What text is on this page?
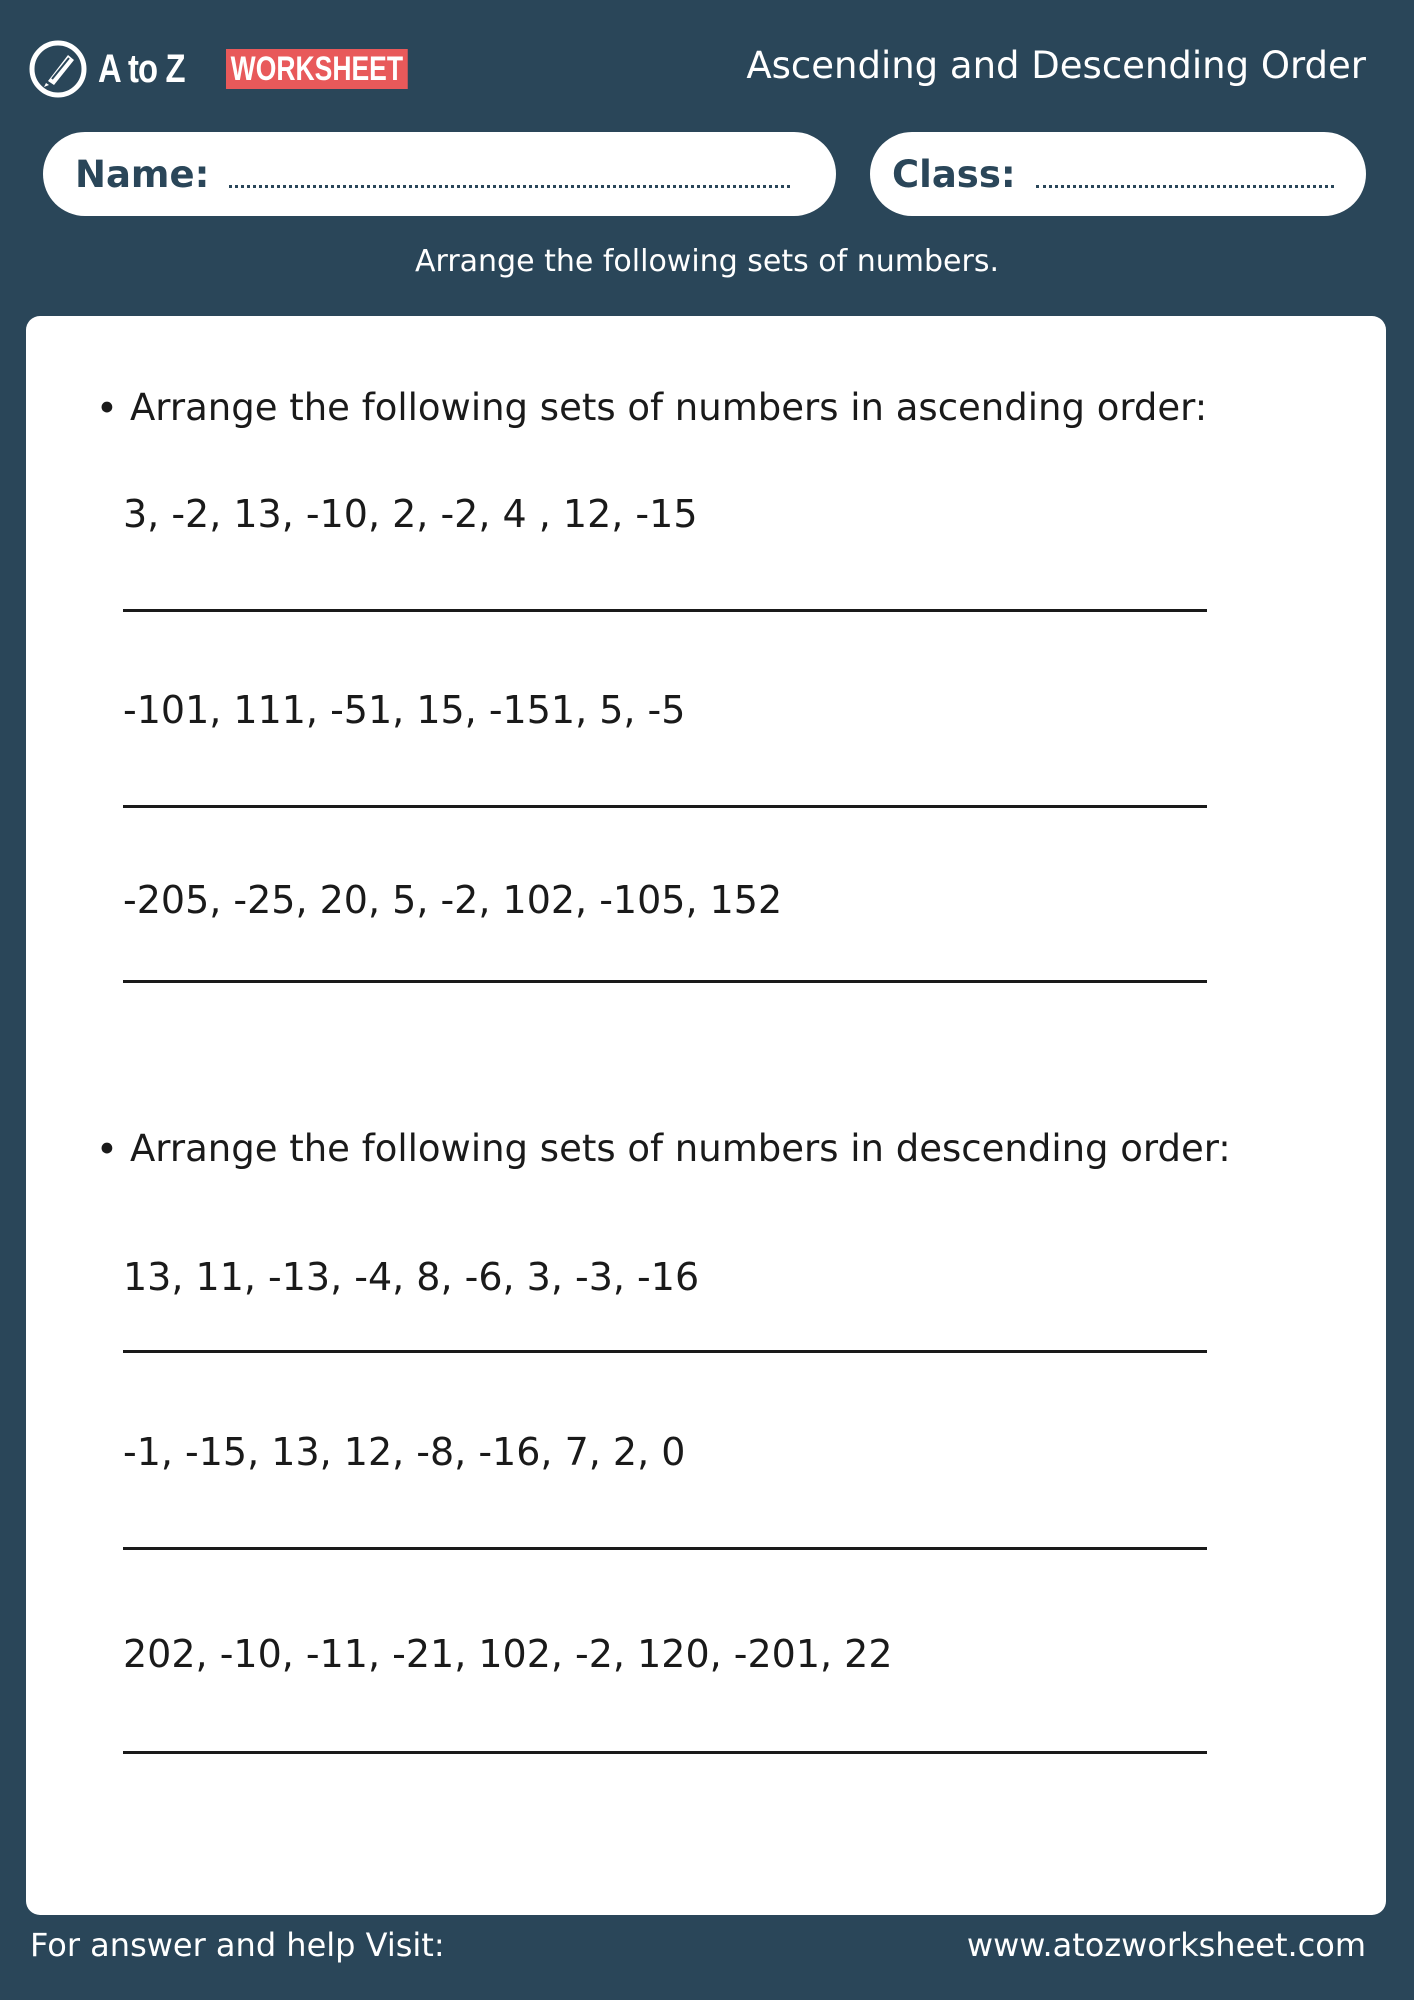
A to Z WORKSHEET	Ascending and Descending Order
Name:	Class:
Arrange the following sets of numbers.
• Arrange the following sets of numbers in ascending order:
3, -2, 13, -10, 2, -2, 4 , 12, -15
-101, 111, -51, 15, -151, 5, -5
-205, -25, 20, 5, -2, 102, -105, 152
• Arrange the following sets of numbers in descending order:
13, 11, -13, -4, 8, -6, 3, -3, -16
-1, -15, 13, 12, -8, -16, 7, 2, 0
202, -10, -11, -21, 102, -2, 120, -201, 22
For answer and help Visit:	www.atozworksheet.com
